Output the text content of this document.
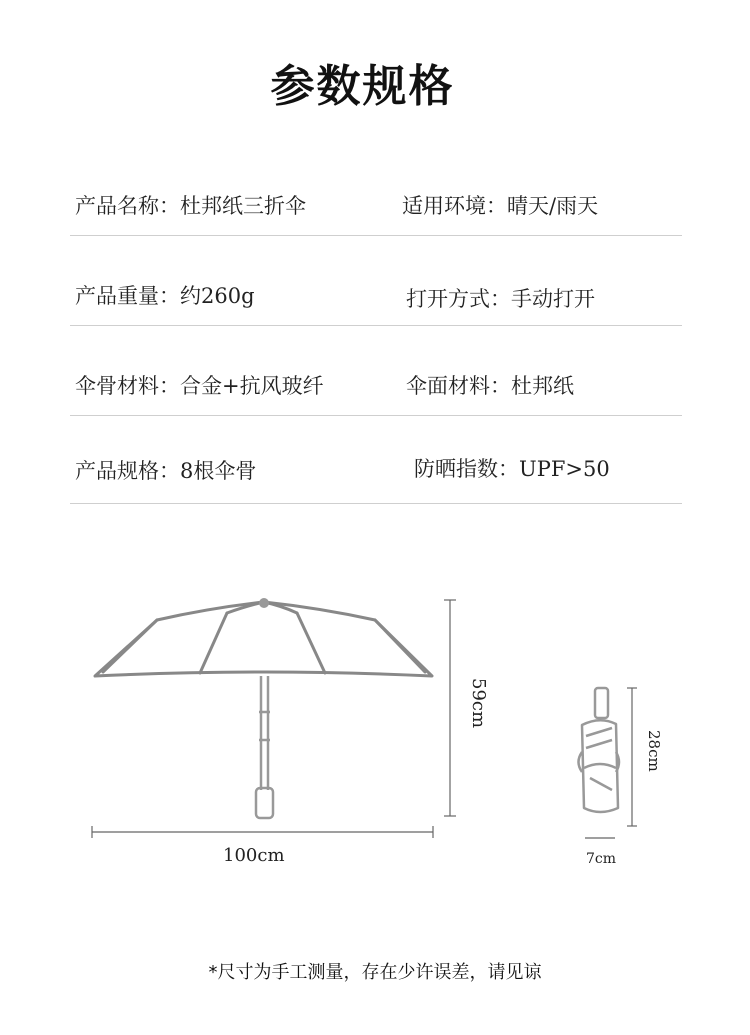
参数规格
产品名称：杜邦纸三折伞	适用环境：晴天/雨天
产品重量：约260g	打开方式：手动打开
伞骨材料：合金+抗风玻纤	伞面材料：杜邦纸
产品规格：8根伞骨	防晒指数：UPF>50
59cm
100cm
28cm
7cm
*尺寸为手工测量，存在少许误差，请见谅
